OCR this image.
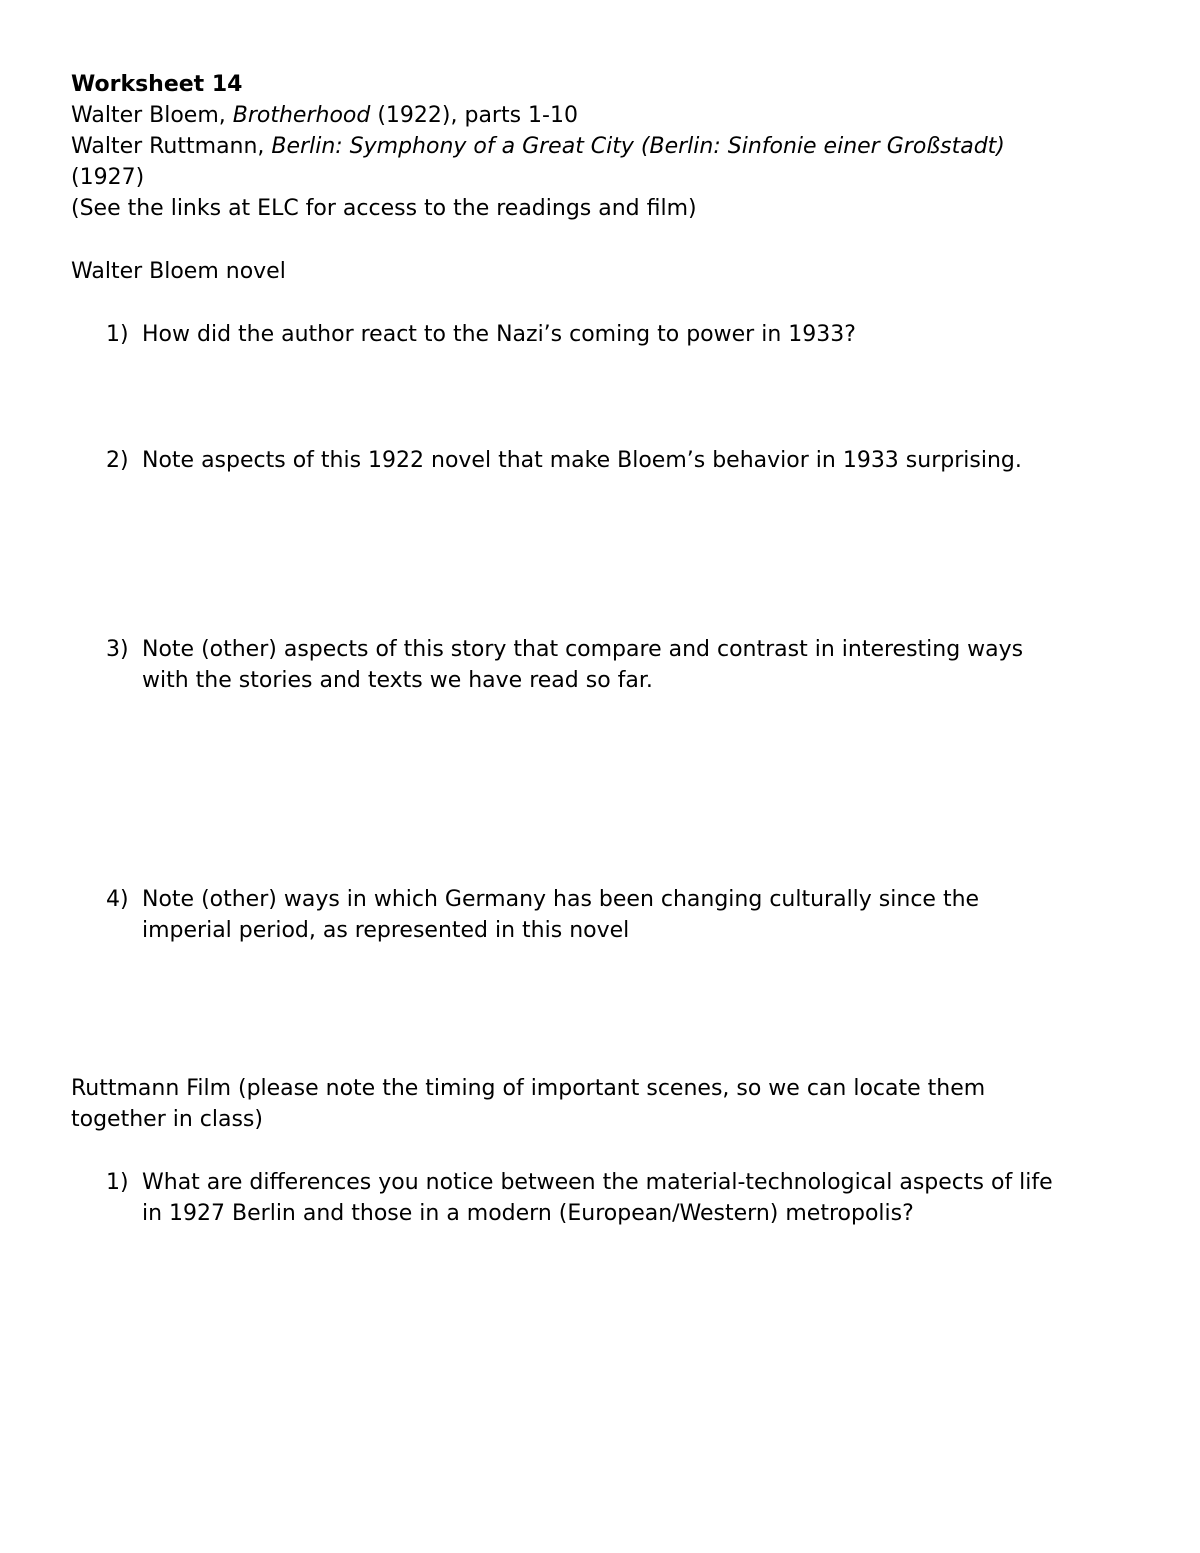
Worksheet 14
Walter Bloem, Brotherhood (1922), parts 1-10
Walter Ruttmann, Berlin: Symphony of a Great City (Berlin: Sinfonie einer Großstadt)
(1927)
(See the links at ELC for access to the readings and film)
Walter Bloem novel
1) How did the author react to the Nazi’s coming to power in 1933?
2) Note aspects of this 1922 novel that make Bloem’s behavior in 1933 surprising.
3) Note (other) aspects of this story that compare and contrast in interesting ways
with the stories and texts we have read so far.
4) Note (other) ways in which Germany has been changing culturally since the
imperial period, as represented in this novel
Ruttmann Film (please note the timing of important scenes, so we can locate them
together in class)
1) What are differences you notice between the material-technological aspects of life
in 1927 Berlin and those in a modern (European/Western) metropolis?
